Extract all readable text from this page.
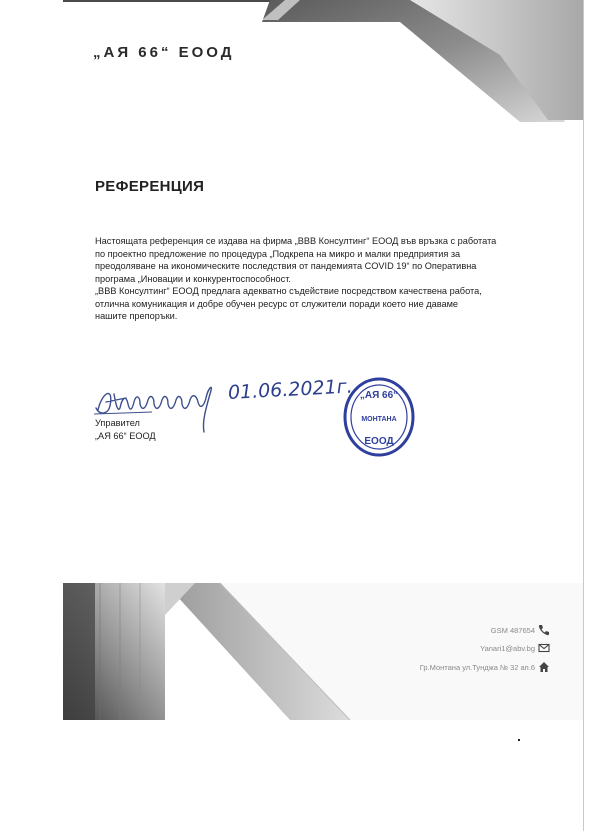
„АЯ 66“ ЕООД
РЕФЕРЕНЦИЯ

Настоящата референция се издава на фирма „ВВВ Консултинг“ ЕООД във връзка с работата

по проектно предложение по процедура „Подкрепа на микро и малки предприятия за

преодоляване на икономическите последствия от пандемията COVID 19“ по Оперативна

програма „Иновации и конкурентоспособност.

„ВВВ Консултинг“ ЕООД предлага адекватно съдействие посредством качествена работа,

отлична комуникация и добре обучен ресурс от служители поради което ние даваме

нашите препоръки.

01.06.2021г. „АЯ 66“
МОНТАНА
ЕООД
Управител
„АЯ 66“ ЕООД
GSM 487654
Yanari1@abv.bg
Гр.Монтана ул.Тунджа № 32 ап.6
